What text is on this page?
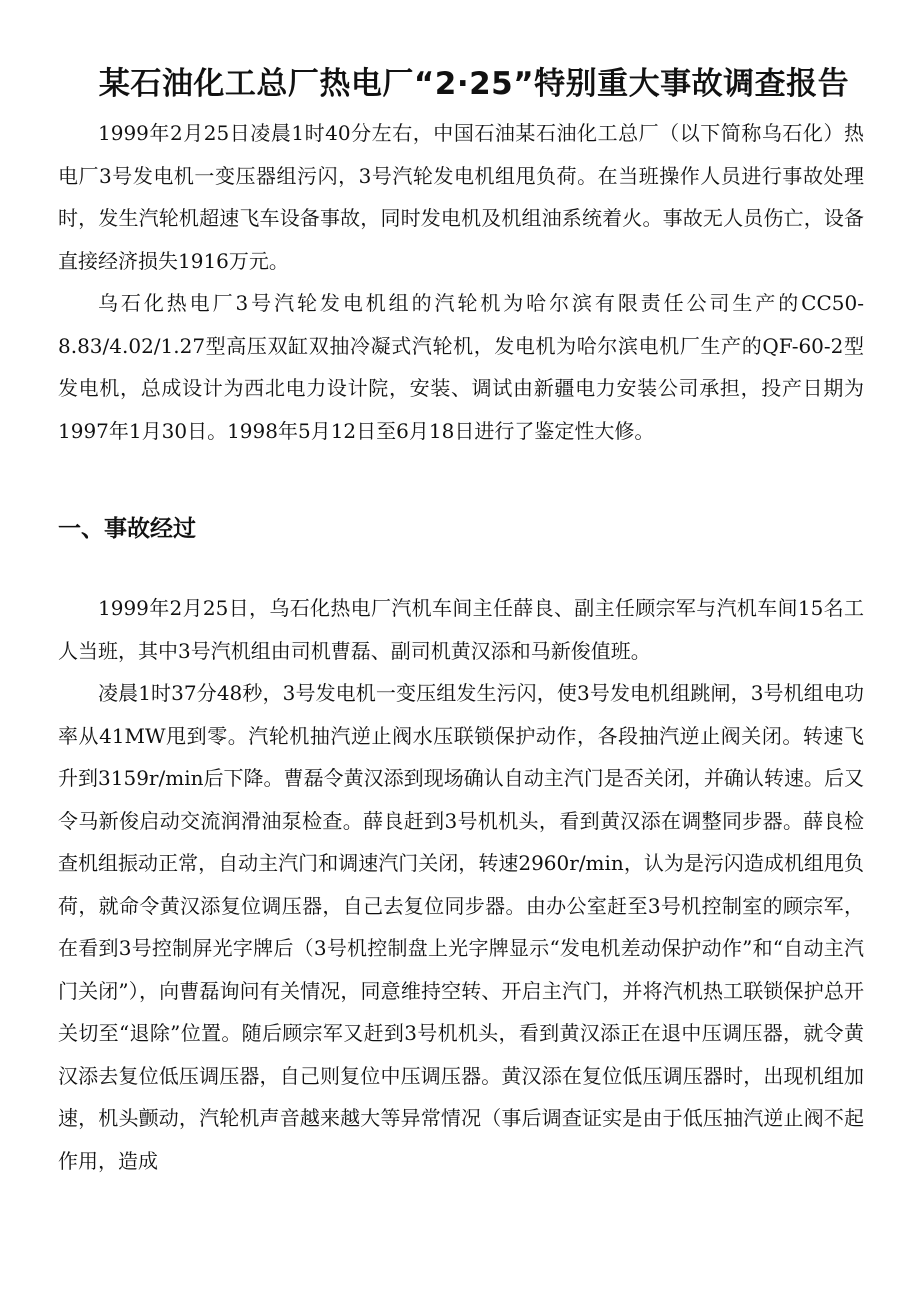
某石油化工总厂热电厂“2·25”特别重大事故调查报告

1999年2月25日凌晨1时40分左右，中国石油某石油化工总厂（以下简称乌石化）热电厂3号发电机一变压器组污闪，3号汽轮发电机组甩负荷。在当班操作人员进行事故处理时，发生汽轮机超速飞车设备事故，同时发电机及机组油系统着火。事故无人员伤亡，设备直接经济损失1916万元。

乌石化热电厂3号汽轮发电机组的汽轮机为哈尔滨有限责任公司生产的CC50-8.83/4.02/1.27型高压双缸双抽冷凝式汽轮机，发电机为哈尔滨电机厂生产的QF-60-2型发电机，总成设计为西北电力设计院，安装、调试由新疆电力安装公司承担，投产日期为1997年1月30日。1998年5月12日至6月18日进行了鉴定性大修。

一、事故经过

1999年2月25日，乌石化热电厂汽机车间主任薛良、副主任顾宗军与汽机车间15名工人当班，其中3号汽机组由司机曹磊、副司机黄汉添和马新俊值班。

凌晨1时37分48秒，3号发电机一变压组发生污闪，使3号发电机组跳闸，3号机组电功率从41MW甩到零。汽轮机抽汽逆止阀水压联锁保护动作，各段抽汽逆止阀关闭。转速飞升到3159r/min后下降。曹磊令黄汉添到现场确认自动主汽门是否关闭，并确认转速。后又令马新俊启动交流润滑油泵检查。薛良赶到3号机机头，看到黄汉添在调整同步器。薛良检查机组振动正常，自动主汽门和调速汽门关闭，转速2960r/min，认为是污闪造成机组甩负荷，就命令黄汉添复位调压器，自己去复位同步器。由办公室赶至3号机控制室的顾宗军，在看到3号控制屏光字牌后（3号机控制盘上光字牌显示“发电机差动保护动作”和“自动主汽门关闭”），向曹磊询问有关情况，同意维持空转、开启主汽门，并将汽机热工联锁保护总开关切至“退除”位置。随后顾宗军又赶到3号机机头，看到黄汉添正在退中压调压器，就令黄汉添去复位低压调压器，自己则复位中压调压器。黄汉添在复位低压调压器时，出现机组加速，机头颤动，汽轮机声音越来越大等异常情况（事后调查证实是由于低压抽汽逆止阀不起作用，造成
